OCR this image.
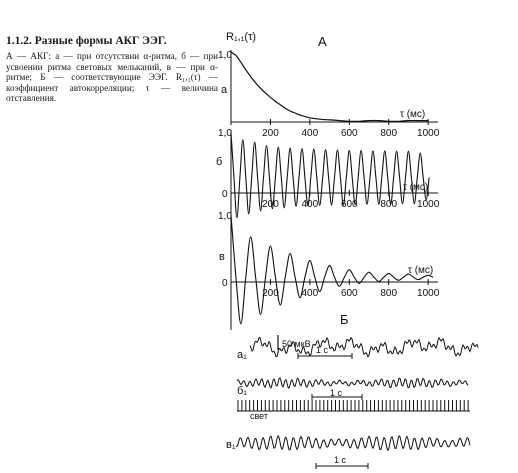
1.1.2. Разные формы АКГ ЭЭГ.
А — АКГ: а — при отсутствии α-ритма, б — при усвоении ритма световых мельканий, в — при α-ритме; Б — соответствующие ЭЭГ. R₁,₁(τ) — коэффициент автокорреляции; τ — величина отставления.
А
R₁,₁(τ)
1,0
а
τ (мс)
200 400 600 800 1000
1,0
0
б
τ (мс)
200 400 600 800 1000
1,0
0
в
τ (мс)
200 400 600 800 1000
Б
а₁
50 мкВ
1 с
б₁	1 с
свет
в₁
1 с
